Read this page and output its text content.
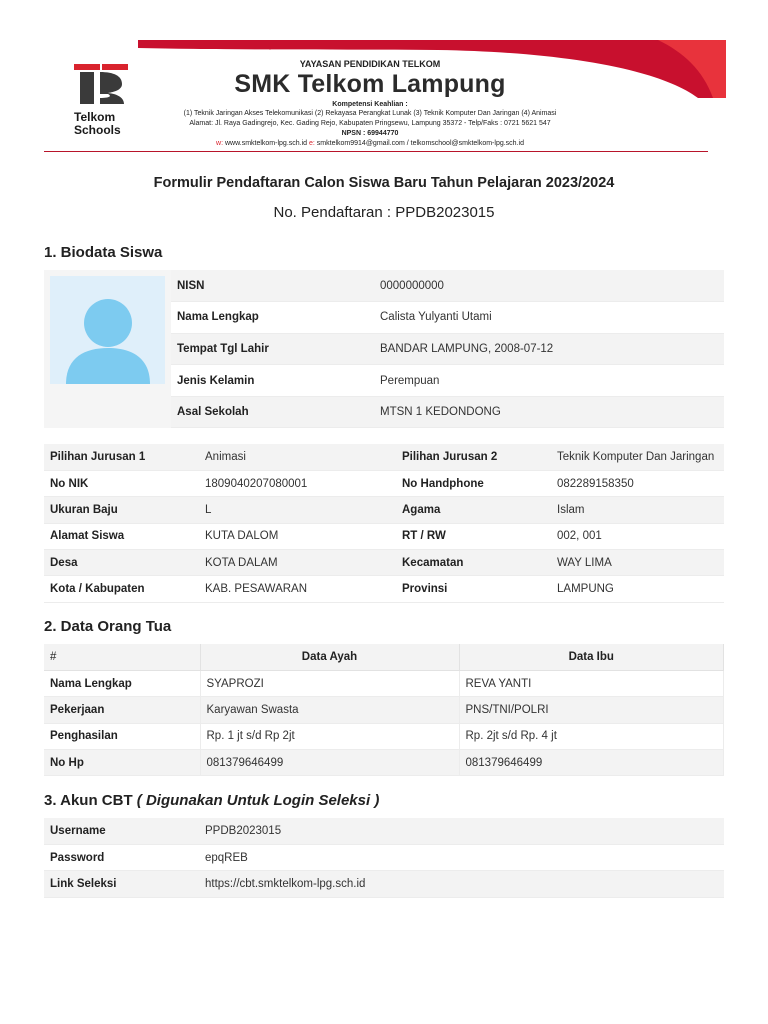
Telkom
Schools
YAYASAN PENDIDIKAN TELKOM
SMK Telkom Lampung
Kompetensi Keahlian :
(1) Teknik Jaringan Akses Telekomunikasi (2) Rekayasa Perangkat Lunak (3) Teknik Komputer Dan Jaringan (4) Animasi
Alamat: Jl. Raya Gadingrejo, Kec. Gading Rejo, Kabupaten Pringsewu, Lampung 35372 - Telp/Faks : 0721 5621 547
NPSN : 69944770
w: www.smktelkom-lpg.sch.id e: smktelkom9914@gmail.com / telkomschool@smktelkom-lpg.sch.id
Formulir Pendaftaran Calon Siswa Baru Tahun Pelajaran 2023/2024
No. Pendaftaran : PPDB2023015
1. Biodata Siswa
NISN	0000000000
Nama Lengkap	Calista Yulyanti Utami
Tempat Tgl Lahir	BANDAR LAMPUNG, 2008-07-12
Jenis Kelamin	Perempuan
Asal Sekolah	MTSN 1 KEDONDONG
Pilihan Jurusan 1	Animasi	Pilihan Jurusan 2	Teknik Komputer Dan Jaringan
No NIK	1809040207080001	No Handphone	082289158350
Ukuran Baju	L	Agama	Islam
Alamat Siswa	KUTA DALOM	RT / RW	002, 001
Desa	KOTA DALAM	Kecamatan	WAY LIMA
Kota / Kabupaten	KAB. PESAWARAN	Provinsi	LAMPUNG
2. Data Orang Tua
#	Data Ayah	Data Ibu
Nama Lengkap	SYAPROZI	REVA YANTI
Pekerjaan	Karyawan Swasta	PNS/TNI/POLRI
Penghasilan	Rp. 1 jt s/d Rp 2jt	Rp. 2jt s/d Rp. 4 jt
No Hp	081379646499	081379646499
3. Akun CBT ( Digunakan Untuk Login Seleksi )
Username	PPDB2023015
Password	epqREB
Link Seleksi	https://cbt.smktelkom-lpg.sch.id
